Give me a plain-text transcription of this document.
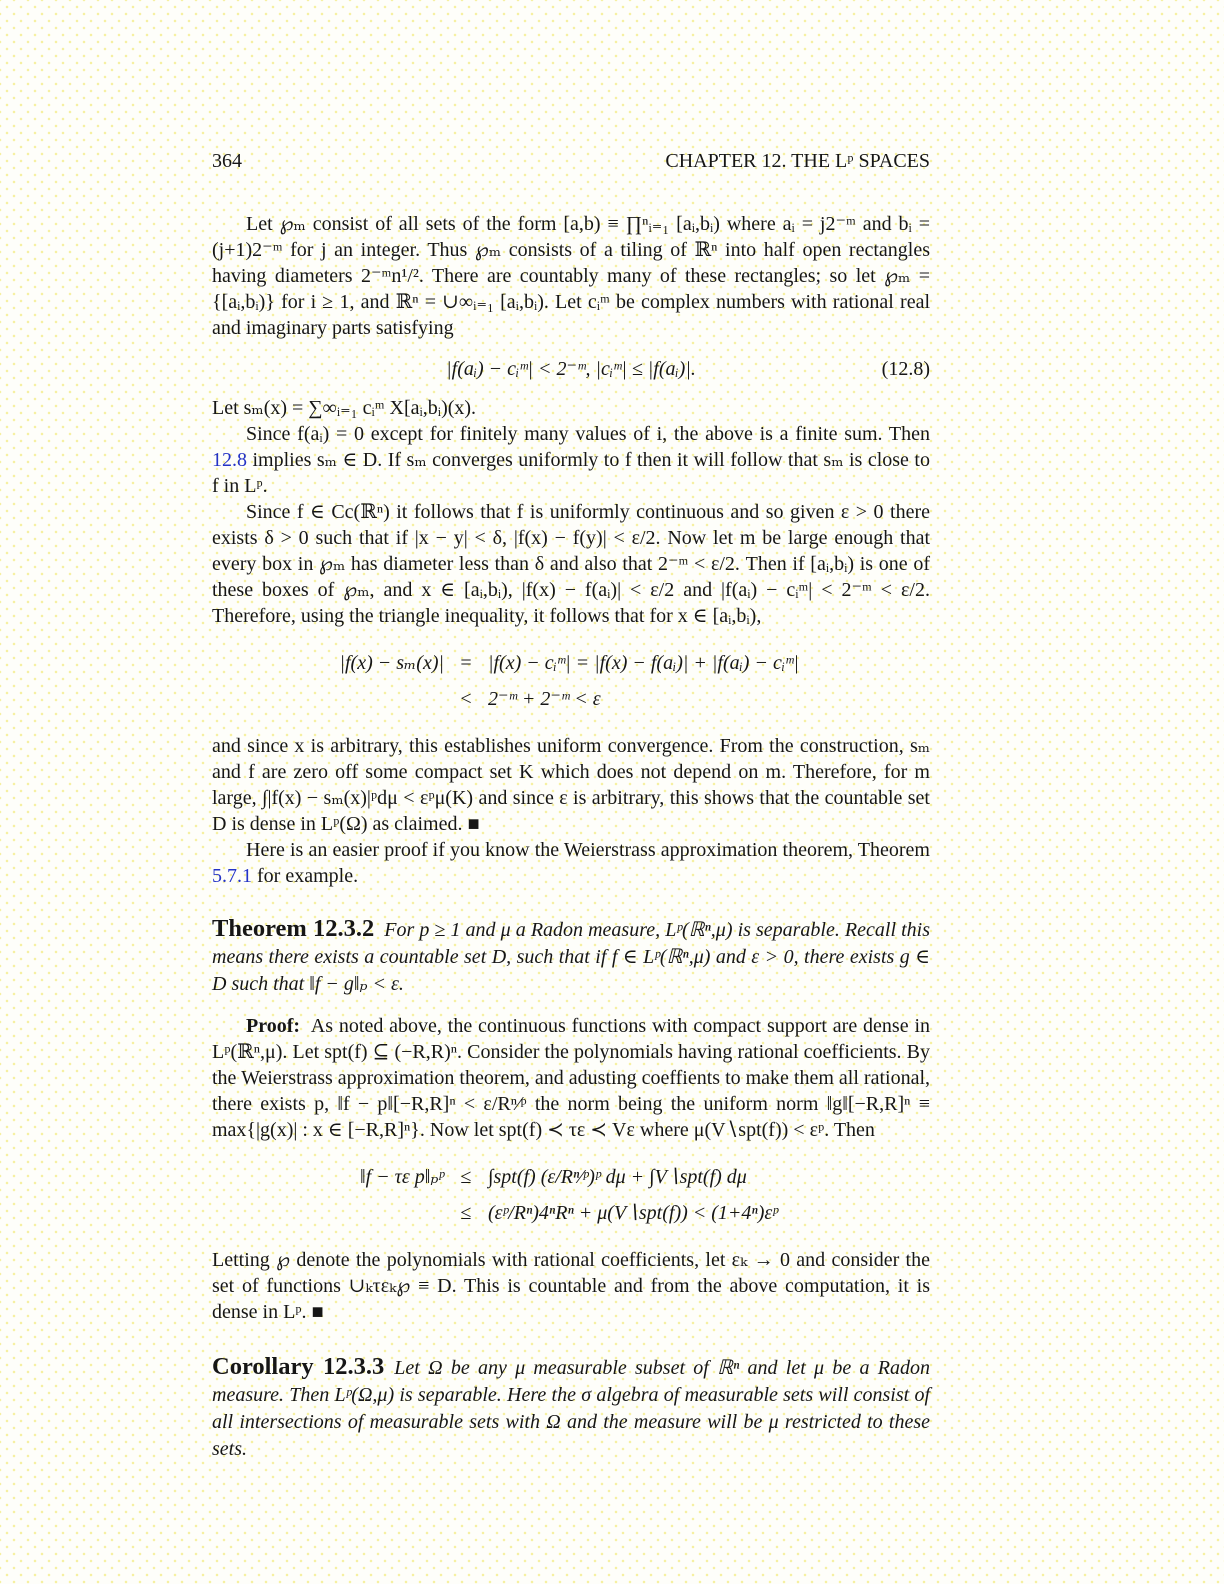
364	CHAPTER 12. THE Lᵖ SPACES

Let ℘ₘ consist of all sets of the form [a,b) ≡ ∏ⁿᵢ₌₁ [aᵢ,bᵢ) where aᵢ = j2⁻ᵐ and bᵢ = (j+1)2⁻ᵐ for j an integer. Thus ℘ₘ consists of a tiling of ℝⁿ into half open rectangles having diameters 2⁻ᵐn¹/². There are countably many of these rectangles; so let ℘ₘ = {[aᵢ,bᵢ)} for i ≥ 1, and ℝⁿ = ∪∞ᵢ₌₁ [aᵢ,bᵢ). Let cᵢᵐ be complex numbers with rational real and imaginary parts satisfying

|f(aᵢ) − cᵢᵐ| < 2⁻ᵐ, |cᵢᵐ| ≤ |f(aᵢ)|.	(12.8)

Let sₘ(x) = ∑∞ᵢ₌₁ cᵢᵐ X[aᵢ,bᵢ)(x).

Since f(aᵢ) = 0 except for finitely many values of i, the above is a finite sum. Then 12.8 implies sₘ ∈ D. If sₘ converges uniformly to f then it will follow that sₘ is close to f in Lᵖ.

Since f ∈ Cc(ℝⁿ) it follows that f is uniformly continuous and so given ε > 0 there exists δ > 0 such that if |x − y| < δ, |f(x) − f(y)| < ε/2. Now let m be large enough that every box in ℘ₘ has diameter less than δ and also that 2⁻ᵐ < ε/2. Then if [aᵢ,bᵢ) is one of these boxes of ℘ₘ, and x ∈ [aᵢ,bᵢ), |f(x) − f(aᵢ)| < ε/2 and |f(aᵢ) − cᵢᵐ| < 2⁻ᵐ < ε/2. Therefore, using the triangle inequality, it follows that for x ∈ [aᵢ,bᵢ),

|f(x) − sₘ(x)| = |f(x) − cᵢᵐ| = |f(x) − f(aᵢ)| + |f(aᵢ) − cᵢᵐ|
< 2⁻ᵐ + 2⁻ᵐ < ε

and since x is arbitrary, this establishes uniform convergence. From the construction, sₘ and f are zero off some compact set K which does not depend on m. Therefore, for m large, ∫|f(x) − sₘ(x)|ᵖdμ < εᵖμ(K) and since ε is arbitrary, this shows that the countable set D is dense in Lᵖ(Ω) as claimed. ■

Here is an easier proof if you know the Weierstrass approximation theorem, Theorem 5.7.1 for example.

Theorem 12.3.2 For p ≥ 1 and μ a Radon measure, Lᵖ(ℝⁿ,μ) is separable. Recall this means there exists a countable set D, such that if f ∈ Lᵖ(ℝⁿ,μ) and ε > 0, there exists g ∈ D such that ‖f − g‖ₚ < ε.

Proof: As noted above, the continuous functions with compact support are dense in Lᵖ(ℝⁿ,μ). Let spt(f) ⊆ (−R,R)ⁿ. Consider the polynomials having rational coefficients. By the Weierstrass approximation theorem, and adusting coeffients to make them all rational, there exists p, ‖f − p‖[−R,R]ⁿ < ε/Rⁿ⁄ᵖ the norm being the uniform norm ‖g‖[−R,R]ⁿ ≡ max{|g(x)| : x ∈ [−R,R]ⁿ}. Now let spt(f) ≺ τε ≺ Vε where μ(V∖spt(f)) < εᵖ. Then

‖f − τε p‖ₚᵖ ≤ ∫spt(f) (ε/Rⁿ⁄ᵖ)ᵖ dμ + ∫V∖spt(f) dμ
≤ (εᵖ/Rⁿ)4ⁿRⁿ + μ(V∖spt(f)) < (1+4ⁿ)εᵖ

Letting ℘ denote the polynomials with rational coefficients, let εₖ → 0 and consider the set of functions ∪ₖτεₖ℘ ≡ D. This is countable and from the above computation, it is dense in Lᵖ. ■

Corollary 12.3.3 Let Ω be any μ measurable subset of ℝⁿ and let μ be a Radon measure. Then Lᵖ(Ω,μ) is separable. Here the σ algebra of measurable sets will consist of all intersections of measurable sets with Ω and the measure will be μ restricted to these sets.
